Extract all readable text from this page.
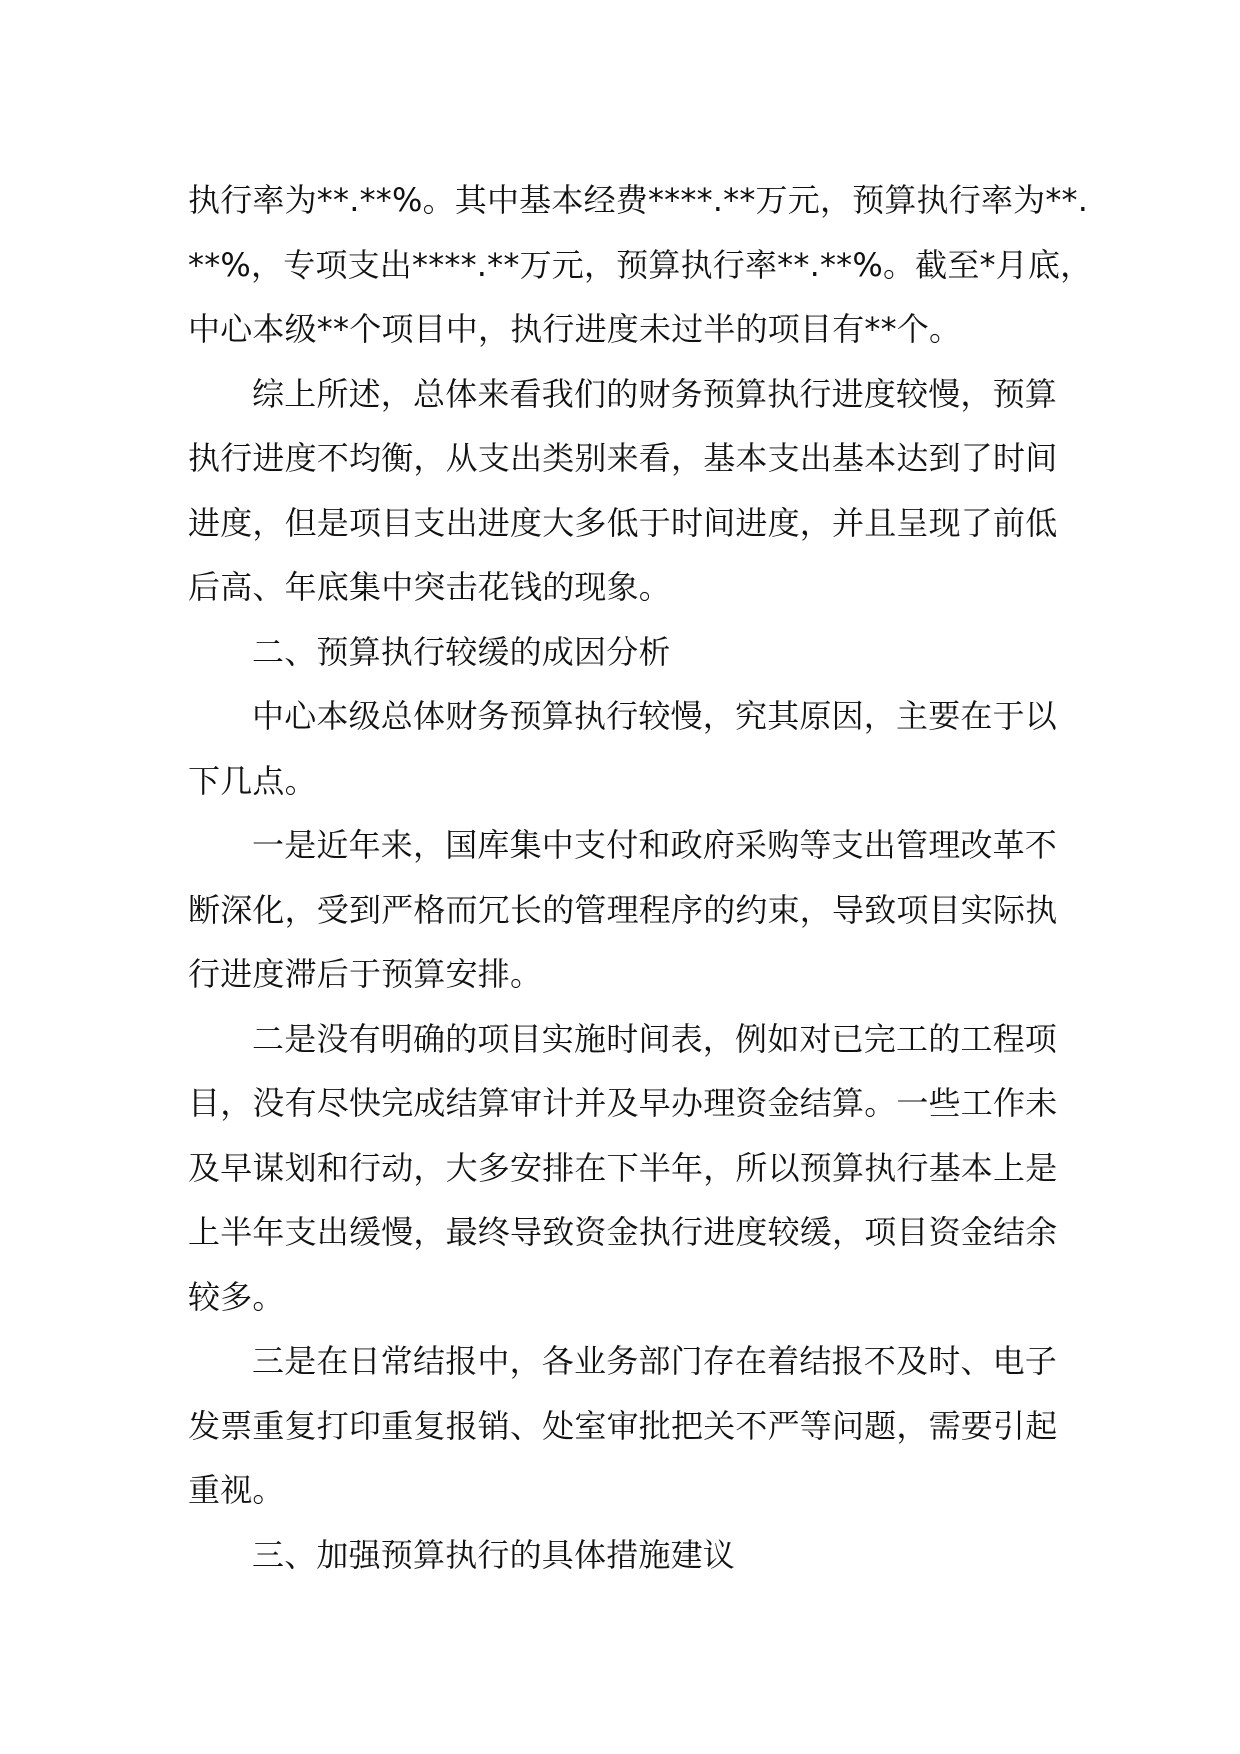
执行率为**.**%。其中基本经费****.**万元，预算执行率为**.
**%，专项支出****.**万元，预算执行率**.**%。截至*月底，
中心本级**个项目中，执行进度未过半的项目有**个。
综上所述，总体来看我们的财务预算执行进度较慢，预算
执行进度不均衡，从支出类别来看，基本支出基本达到了时间
进度，但是项目支出进度大多低于时间进度，并且呈现了前低
后高、年底集中突击花钱的现象。
二、预算执行较缓的成因分析
中心本级总体财务预算执行较慢，究其原因，主要在于以
下几点。
一是近年来，国库集中支付和政府采购等支出管理改革不
断深化，受到严格而冗长的管理程序的约束，导致项目实际执
行进度滞后于预算安排。
二是没有明确的项目实施时间表，例如对已完工的工程项
目，没有尽快完成结算审计并及早办理资金结算。一些工作未
及早谋划和行动，大多安排在下半年，所以预算执行基本上是
上半年支出缓慢，最终导致资金执行进度较缓，项目资金结余
较多。
三是在日常结报中，各业务部门存在着结报不及时、电子
发票重复打印重复报销、处室审批把关不严等问题，需要引起
重视。
三、加强预算执行的具体措施建议
